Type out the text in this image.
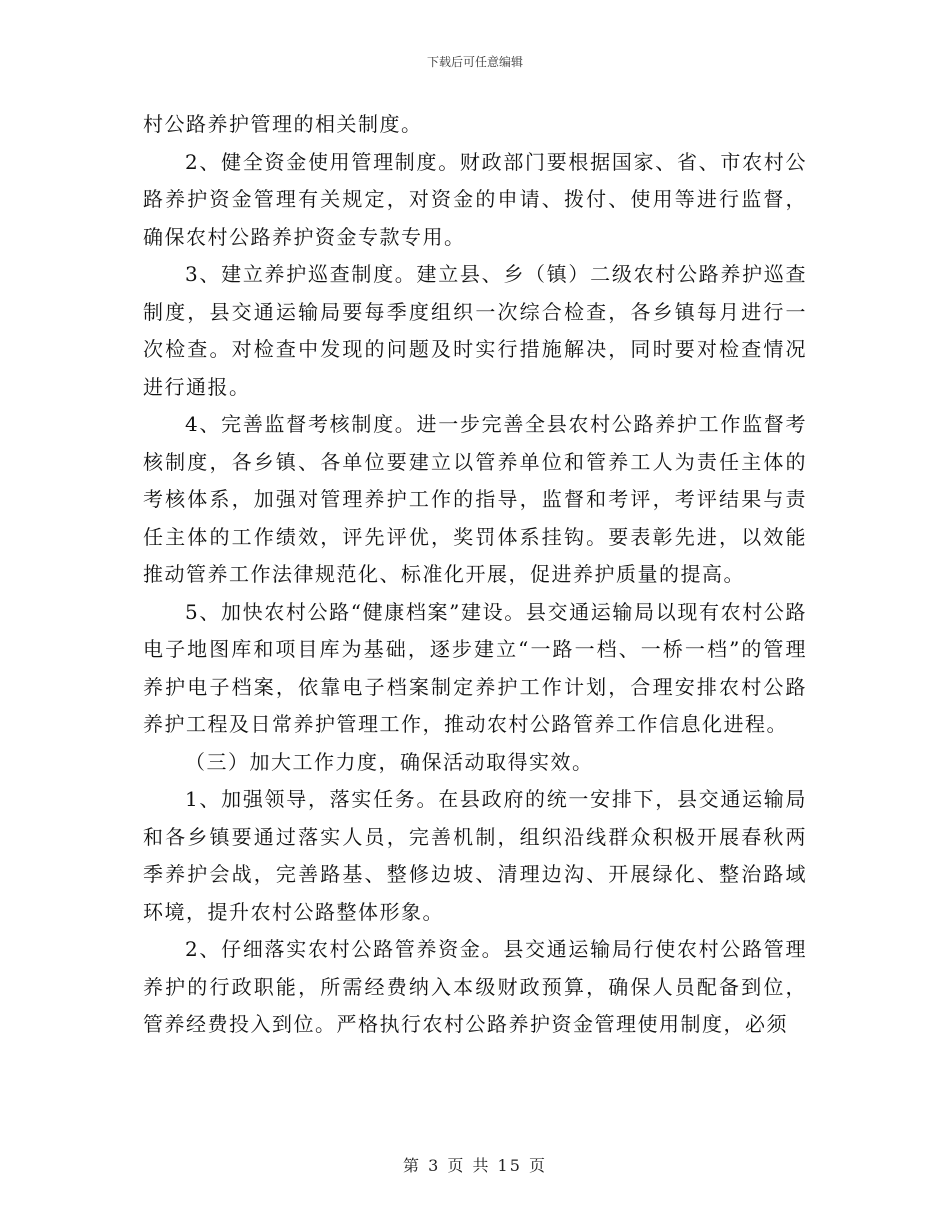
下载后可任意编辑

村公路养护管理的相关制度。

2、健全资金使用管理制度。财政部门要根据国家、省、市农村公路养护资金管理有关规定，对资金的申请、拨付、使用等进行监督，确保农村公路养护资金专款专用。

3、建立养护巡查制度。建立县、乡（镇）二级农村公路养护巡查制度，县交通运输局要每季度组织一次综合检查，各乡镇每月进行一次检查。对检查中发现的问题及时实行措施解决，同时要对检查情况进行通报。

4、完善监督考核制度。进一步完善全县农村公路养护工作监督考核制度，各乡镇、各单位要建立以管养单位和管养工人为责任主体的考核体系，加强对管理养护工作的指导，监督和考评，考评结果与责任主体的工作绩效，评先评优，奖罚体系挂钩。要表彰先进，以效能推动管养工作法律规范化、标准化开展，促进养护质量的提高。

5、加快农村公路“健康档案”建设。县交通运输局以现有农村公路电子地图库和项目库为基础，逐步建立“一路一档、一桥一档”的管理养护电子档案，依靠电子档案制定养护工作计划，合理安排农村公路养护工程及日常养护管理工作，推动农村公路管养工作信息化进程。

（三）加大工作力度，确保活动取得实效。

1、加强领导，落实任务。在县政府的统一安排下，县交通运输局和各乡镇要通过落实人员，完善机制，组织沿线群众积极开展春秋两季养护会战，完善路基、整修边坡、清理边沟、开展绿化、整治路域环境，提升农村公路整体形象。

2、仔细落实农村公路管养资金。县交通运输局行使农村公路管理养护的行政职能，所需经费纳入本级财政预算，确保人员配备到位，管养经费投入到位。严格执行农村公路养护资金管理使用制度，必须

第 3 页 共 15 页
